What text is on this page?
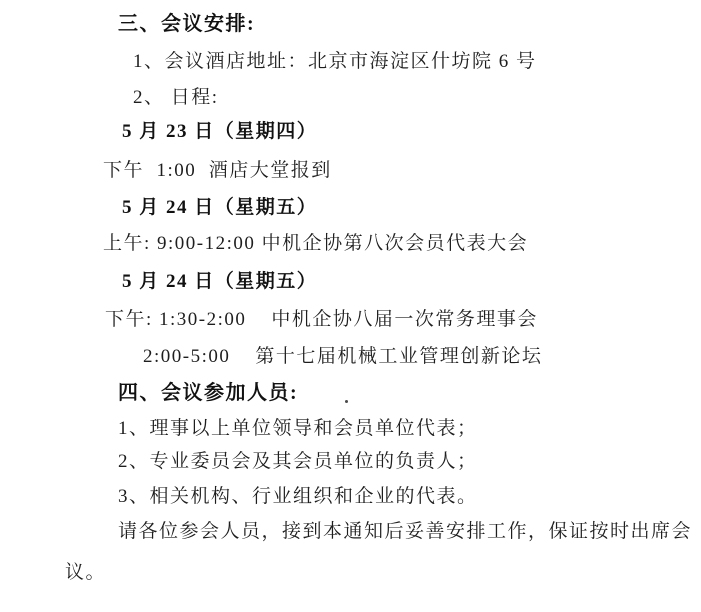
三、会议安排:
1、会议酒店地址：北京市海淀区什坊院 6 号
2、 日程:
5 月 23 日（星期四）
下午  1:00  酒店大堂报到
5 月 24 日（星期五）
上午: 9:00-12:00 中机企协第八次会员代表大会
5 月 24 日（星期五）
下午: 1:30-2:00    中机企协八届一次常务理事会
2:00-5:00    第十七届机械工业管理创新论坛
四、会议参加人员:
1、理事以上单位领导和会员单位代表；
2、专业委员会及其会员单位的负责人；
3、相关机构、行业组织和企业的代表。
请各位参会人员，接到本通知后妥善安排工作，保证按时出席会
议。
